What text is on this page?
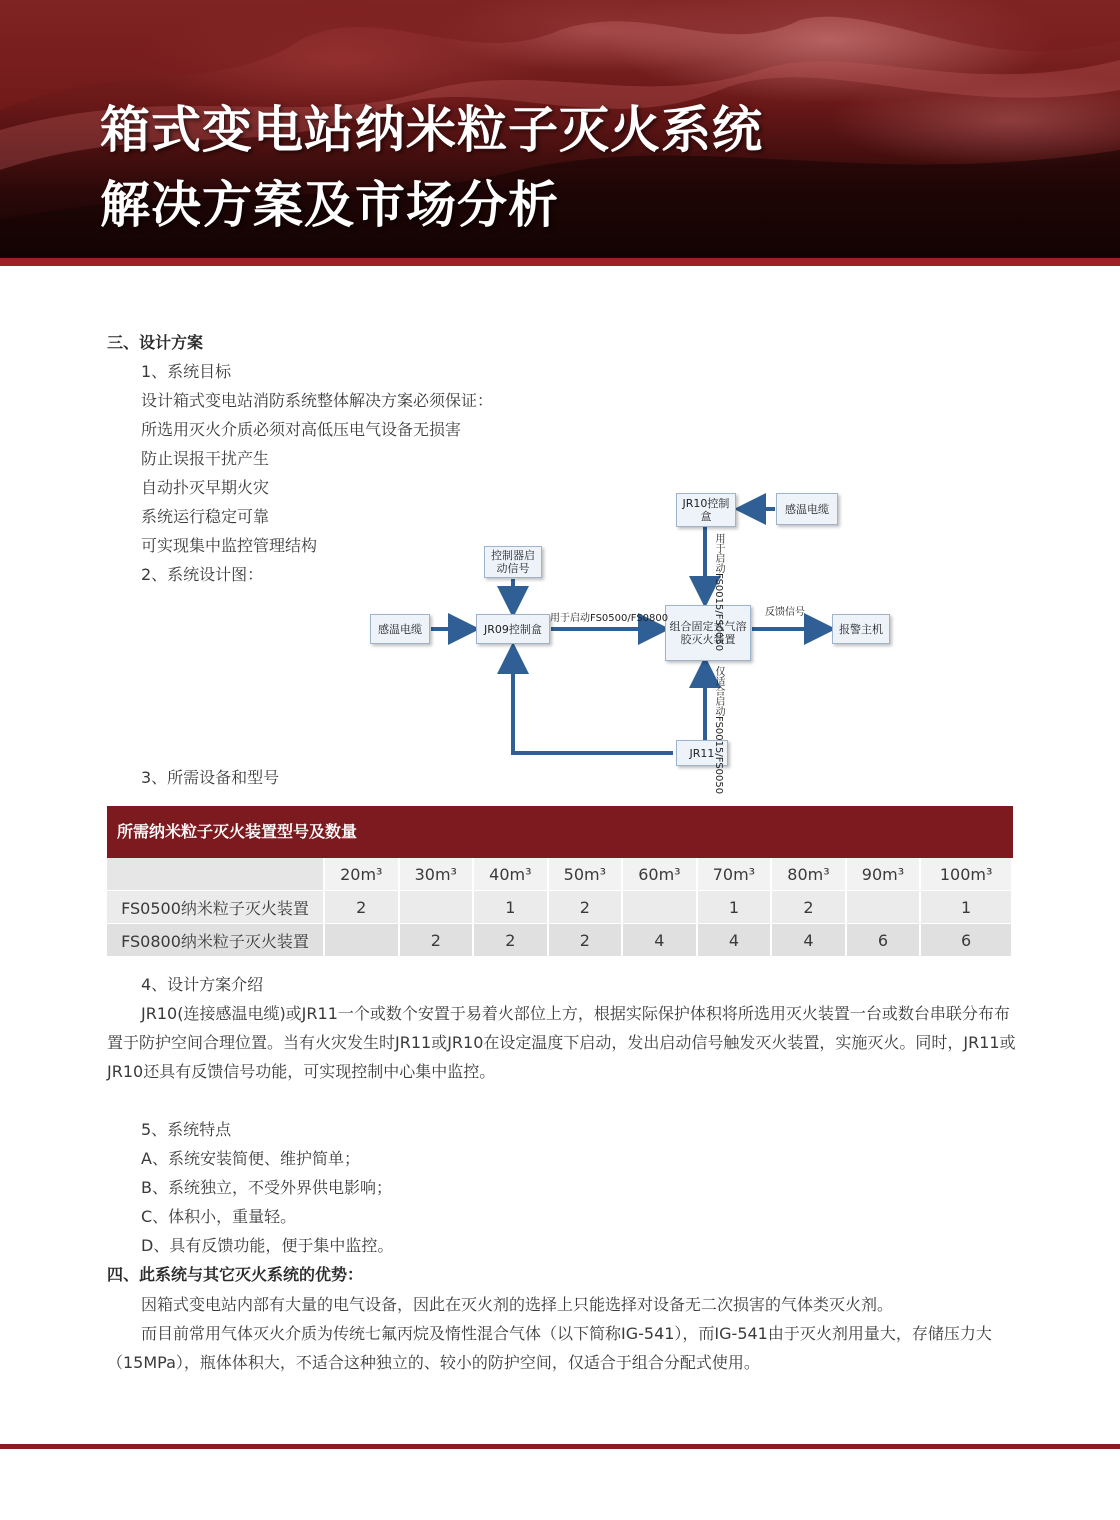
箱式变电站纳米粒子灭火系统
解决方案及市场分析
三、设计方案
1、系统目标
设计箱式变电站消防系统整体解决方案必须保证：
所选用灭火介质必须对高低压电气设备无损害
防止误报干扰产生
自动扑灭早期火灾
系统运行稳定可靠
可实现集中监控管理结构
2、系统设计图：
感温电缆	JR09控制盒
控制器启动信号
JR10控制盒
感温电缆
组合固定式气溶胶灭火装置
报警主机
JR11
用于启动FS0500/FS0800
反馈信号
用于启动FS0015/FS0050
仅适合启动FS0015/FS0050
3、所需设备和型号
所需纳米粒子灭火装置型号及数量
	20m³	30m³	40m³	50m³	60m³	70m³	80m³	90m³	100m³
FS0500纳米粒子灭火装置	2		1	2		1	2		1
FS0800纳米粒子灭火装置		2	2	2	4	4	4	6	6
4、设计方案介绍

JR10(连接感温电缆)或JR11一个或数个安置于易着火部位上方，根据实际保护体积将所选用灭火装置一台或数台串联分布布置于防护空间合理位置。当有火灾发生时JR11或JR10在设定温度下启动，发出启动信号触发灭火装置，实施灭火。同时，JR11或JR10还具有反馈信号功能，可实现控制中心集中监控。

5、系统特点
A、系统安装简便、维护简单；
B、系统独立，不受外界供电影响；
C、体积小，重量轻。
D、具有反馈功能，便于集中监控。
四、此系统与其它灭火系统的优势：

因箱式变电站内部有大量的电气设备，因此在灭火剂的选择上只能选择对设备无二次损害的气体类灭火剂。

而目前常用气体灭火介质为传统七氟丙烷及惰性混合气体（以下简称IG-541），而IG-541由于灭火剂用量大，存储压力大（15MPa），瓶体体积大，不适合这种独立的、较小的防护空间，仅适合于组合分配式使用。
